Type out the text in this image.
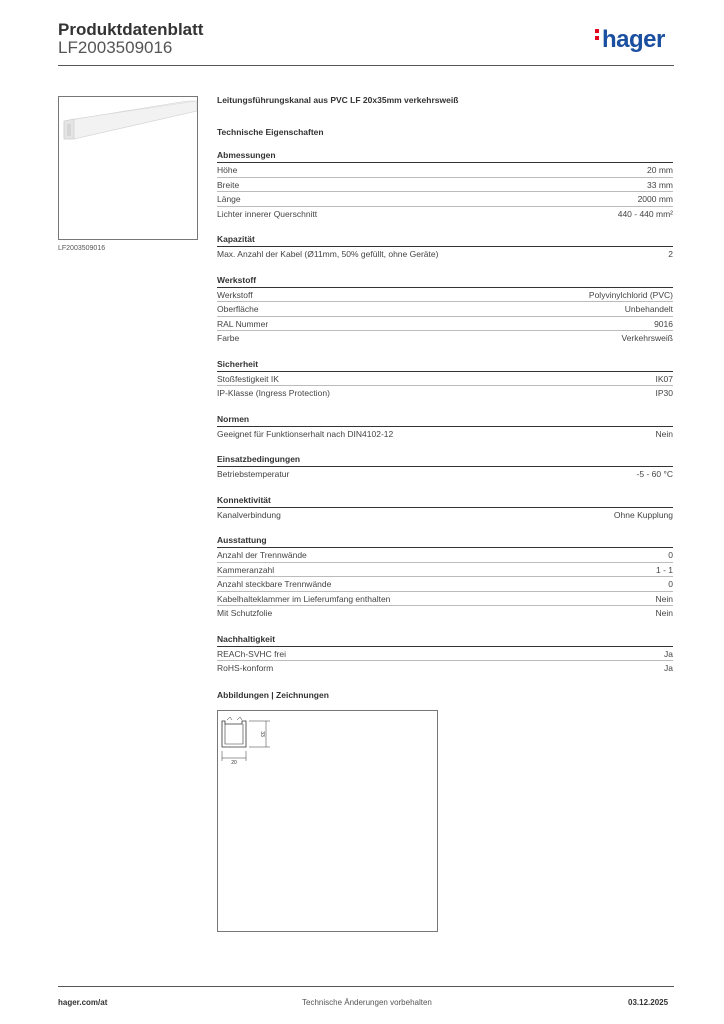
Produktdatenblatt
LF2003509016	hager
LF2003509016
Leitungsführungskanal aus PVC LF 20x35mm verkehrsweiß
Technische Eigenschaften
Abmessungen
Höhe	20 mm
Breite	33 mm
Länge	2000 mm
Lichter innerer Querschnitt	440 - 440 mm²
Kapazität
Max. Anzahl der Kabel (Ø11mm, 50% gefüllt, ohne Geräte)	2
Werkstoff
Werkstoff	Polyvinylchlorid (PVC)
Oberfläche	Unbehandelt
RAL Nummer	9016
Farbe	Verkehrsweiß
Sicherheit
Stoßfestigkeit IK	IK07
IP-Klasse (Ingress Protection)	IP30
Normen
Geeignet für Funktionserhalt nach DIN4102-12	Nein
Einsatzbedingungen
Betriebstemperatur	-5 - 60 °C
Konnektivität
Kanalverbindung	Ohne Kupplung
Ausstattung
Anzahl der Trennwände	0
Kammeranzahl	1 - 1
Anzahl steckbare Trennwände	0
Kabelhalteklammer im Lieferumfang enthalten	Nein
Mit Schutzfolie	Nein
Nachhaltigkeit
REACh-SVHC frei	Ja
RoHS-konform	Ja
Abbildungen | Zeichnungen
20
33
hager.com/at	Technische Änderungen vorbehalten	03.12.2025
